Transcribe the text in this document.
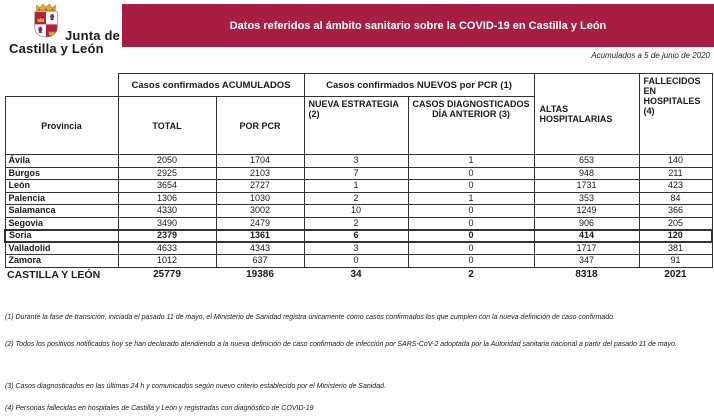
Junta de
Castilla y León
Datos referidos al ámbito sanitario sobre la COVID-19 en Castilla y León
Acumulados a 5 de junio de 2020
	Casos confirmados ACUMULADOS		Casos confirmados NUEVOS por PCR (1)		ALTAS HOSPITALARIAS	FALLECIDOS EN HOSPITALES (4)
Provincia	TOTAL	POR PCR	NUEVA ESTRATEGIA (2)	CASOS DIAGNOSTICADOS DÍA ANTERIOR (3)		
Ávila	2050	1704	3	1	653	140
Burgos	2925	2103	7	0	948	211
León	3654	2727	1	0	1731	423
Palencia	1306	1030	2	1	353	84
Salamanca	4330	3002	10	0	1249	366
Segovia	3490	2479	2	0	906	205
Soria	2379	1361	6	0	414	120
Valladolid	4633	4343	3	0	1717	381
Zamora	1012	637	0	0	347	91
CASTILLA Y LEÓN	25779	19386	34	2	8318	2021

(1) Durante la fase de transición, iniciada el pasado 11 de mayo, el Ministerio de Sanidad registra únicamente como casos confirmados los que cumplen con la nueva definición de caso confirmado.

(2) Todos los positivos notificados hoy se han declarado atendiendo a la nueva definición de caso confirmado de infección por SARS-CoV-2 adoptada por la Autoridad sanitaria nacional a partir del pasado 11 de mayo.

(3) Casos diagnosticados en las últimas 24 h y comunicados según nuevo criterio establecido por el Ministerio de Sanidad.

(4) Personas fallecidas en hospitales de Castilla y León y registradas con diagnóstico de COVID-19
